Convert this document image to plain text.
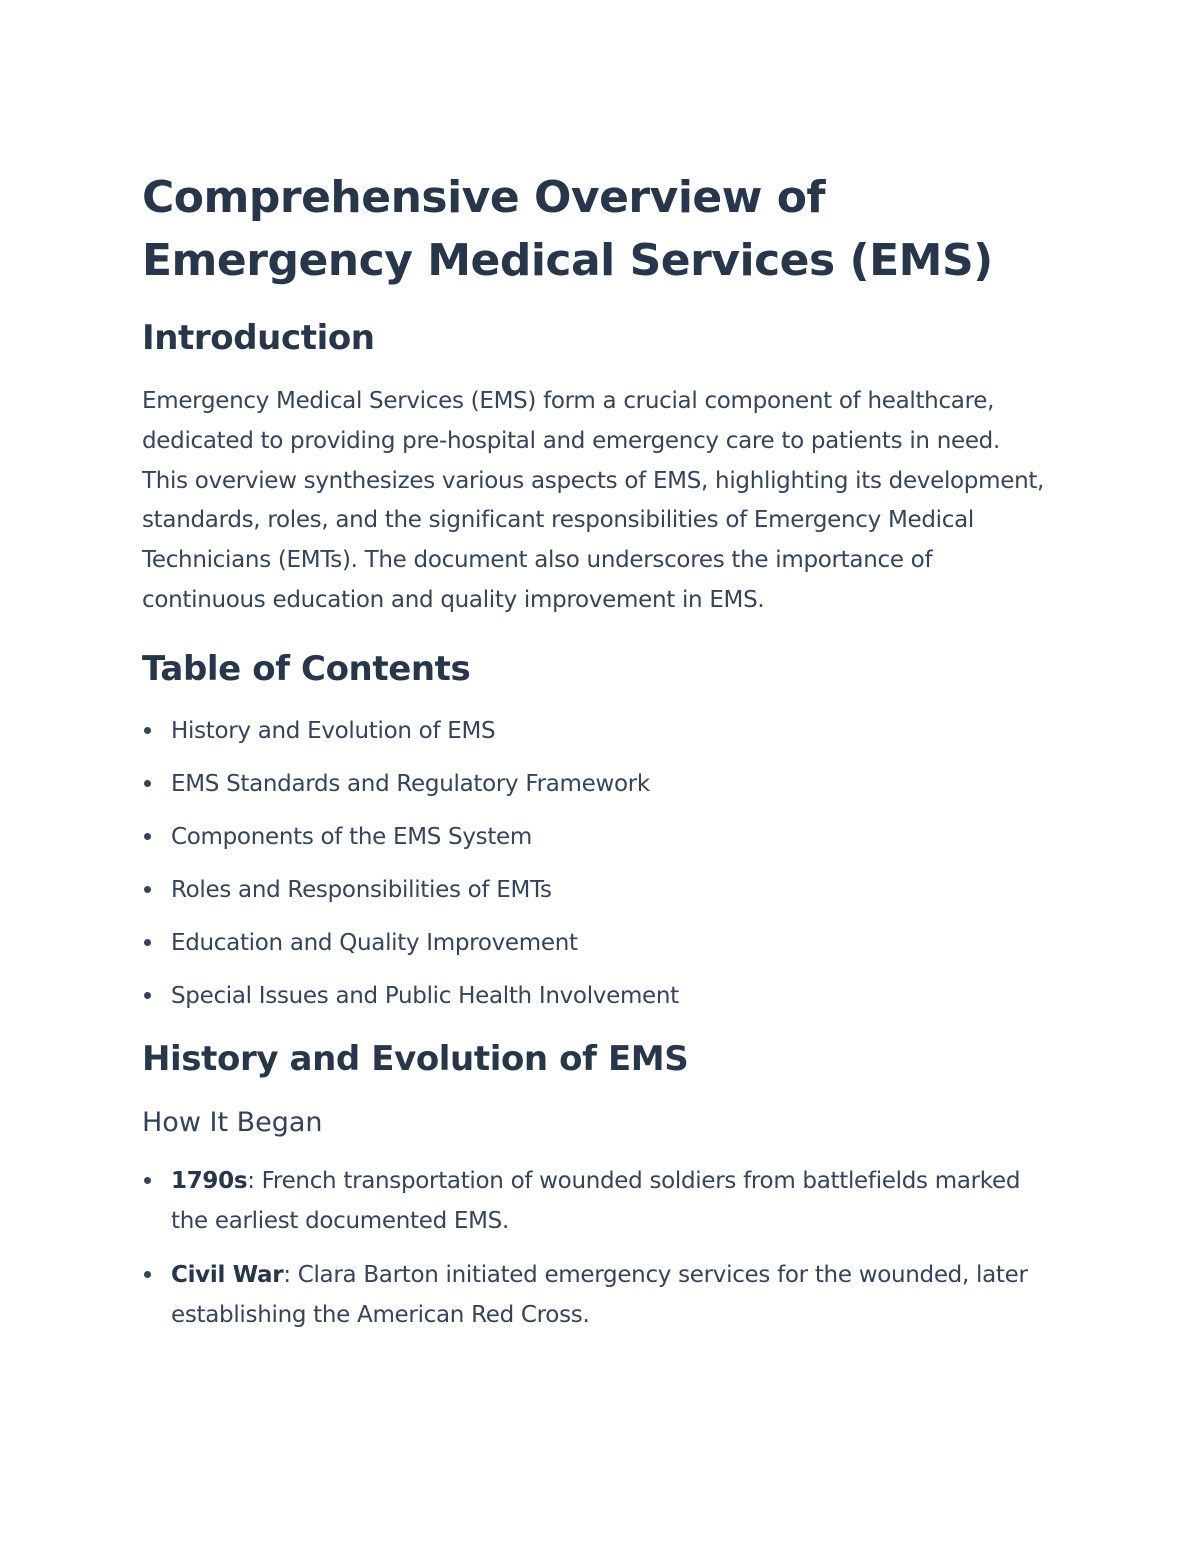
Comprehensive Overview of
Emergency Medical Services (EMS)
Introduction

Emergency Medical Services (EMS) form a crucial component of healthcare, dedicated to providing pre-hospital and emergency care to patients in need. This overview synthesizes various aspects of EMS, highlighting its development, standards, roles, and the significant responsibilities of Emergency Medical Technicians (EMTs). The document also underscores the importance of continuous education and quality improvement in EMS.

Table of Contents
History and Evolution of EMS
EMS Standards and Regulatory Framework
Components of the EMS System
Roles and Responsibilities of EMTs
Education and Quality Improvement
Special Issues and Public Health Involvement
History and Evolution of EMS
How It Began
1790s: French transportation of wounded soldiers from battlefields marked the earliest documented EMS.
Civil War: Clara Barton initiated emergency services for the wounded, later establishing the American Red Cross.
